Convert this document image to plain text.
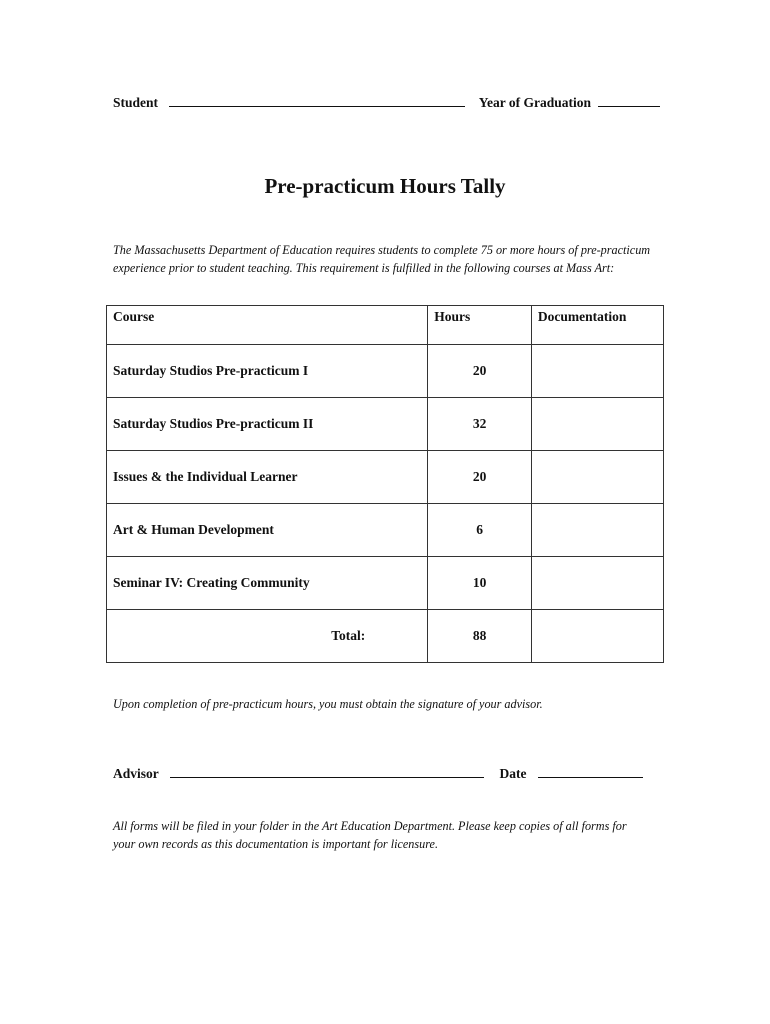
Student	Year of Graduation
Pre-practicum Hours Tally
The Massachusetts Department of Education requires students to complete 75 or more hours of pre-practicum
experience prior to student teaching. This requirement is fulfilled in the following courses at Mass Art:
Course	Hours	Documentation
Saturday Studios Pre-practicum I	20	
Saturday Studios Pre-practicum II	32	
Issues & the Individual Learner	20	
Art & Human Development	6	
Seminar IV: Creating Community	10	
Total:	88	
Upon completion of pre-practicum hours, you must obtain the signature of your advisor.
Advisor	Date
All forms will be filed in your folder in the Art Education Department. Please keep copies of all forms for
your own records as this documentation is important for licensure.
